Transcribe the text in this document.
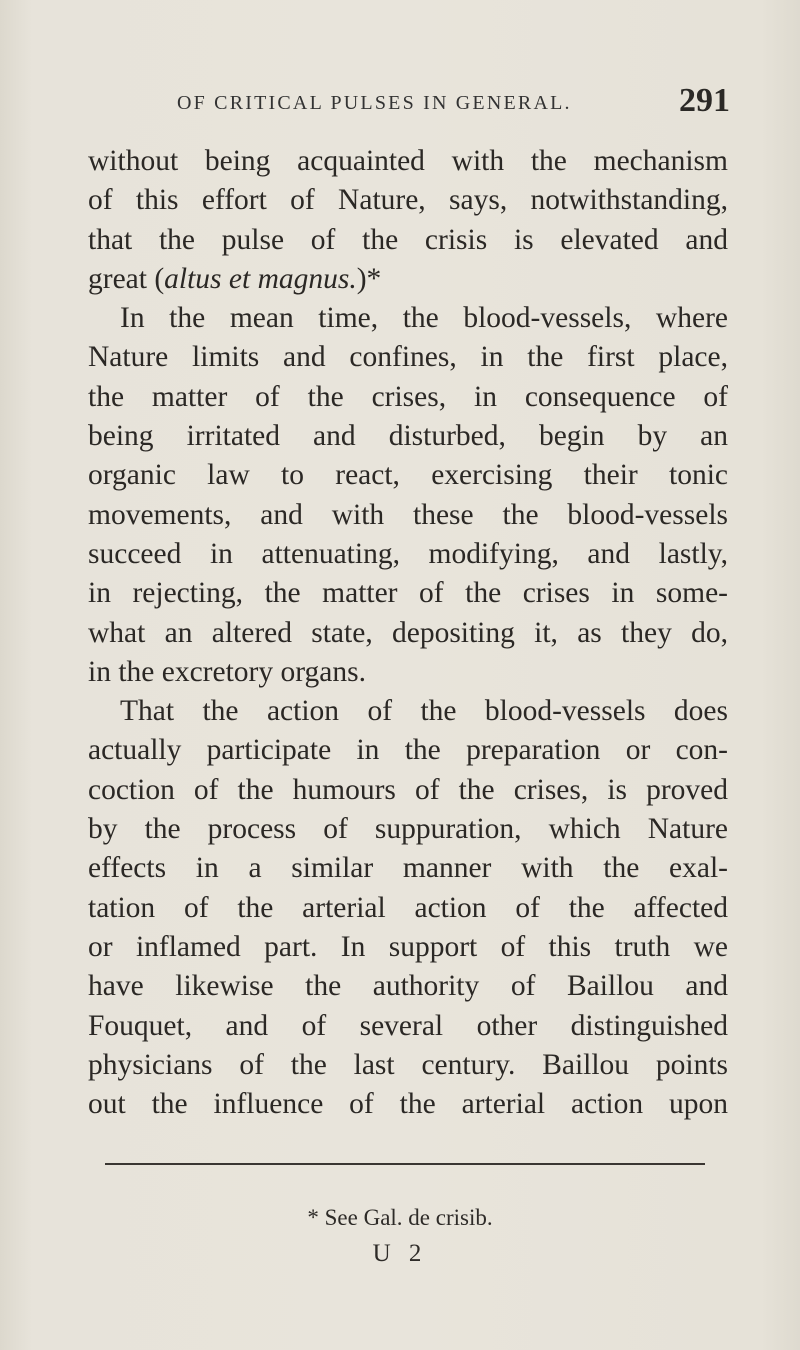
OF CRITICAL PULSES IN GENERAL.	291
without being acquainted with the mechanism
of this effort of Nature, says, notwithstanding,
that the pulse of the crisis is elevated and
great (altus et magnus.)*
In the mean time, the blood-vessels, where
Nature limits and confines, in the first place,
the matter of the crises, in consequence of
being irritated and disturbed, begin by an
organic law to react, exercising their tonic
movements, and with these the blood-vessels
succeed in attenuating, modifying, and lastly,
in rejecting, the matter of the crises in some-
what an altered state, depositing it, as they do,
in the excretory organs.
That the action of the blood-vessels does
actually participate in the preparation or con-
coction of the humours of the crises, is proved
by the process of suppuration, which Nature
effects in a similar manner with the exal-
tation of the arterial action of the affected
or inflamed part. In support of this truth we
have likewise the authority of Baillou and
Fouquet, and of several other distinguished
physicians of the last century. Baillou points
out the influence of the arterial action upon
* See Gal. de crisib.
U 2
